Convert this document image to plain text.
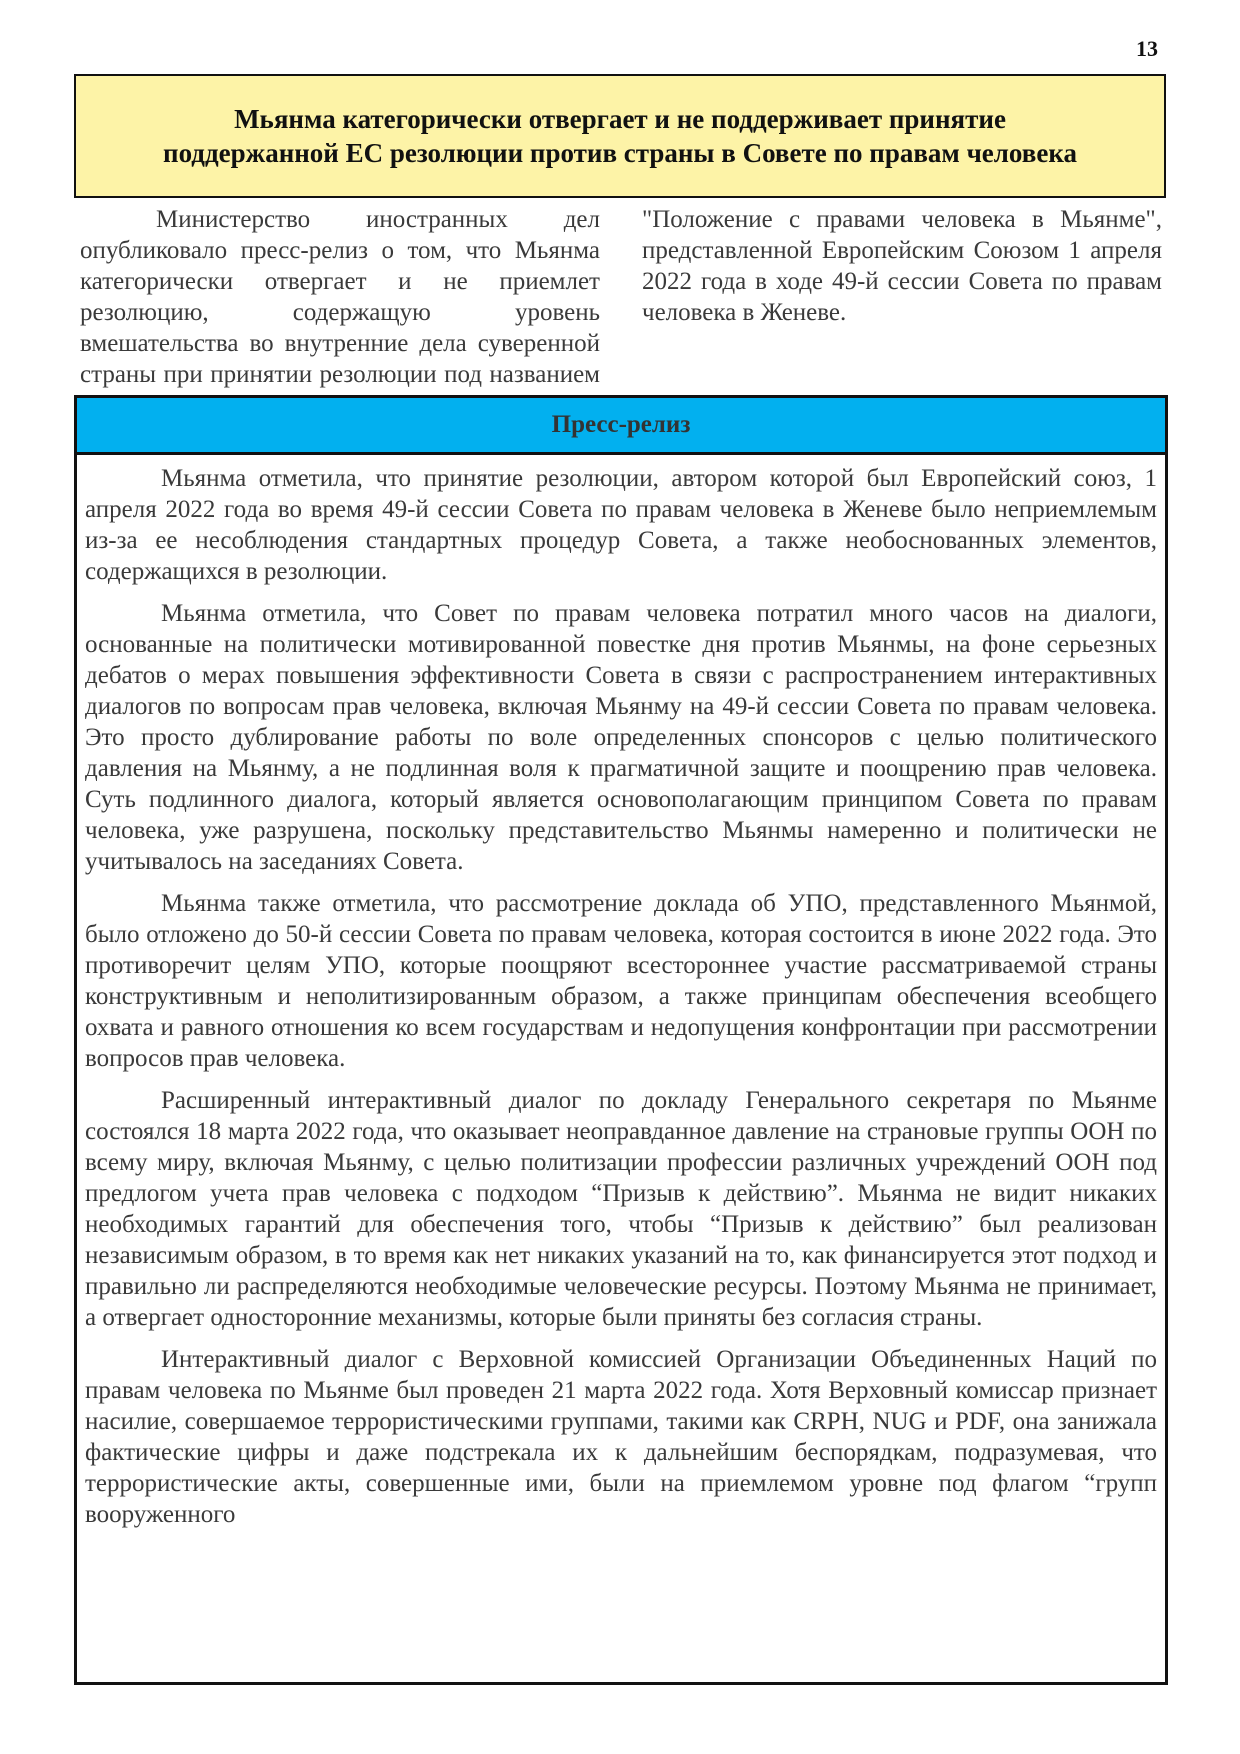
13
Мьянма категорически отвергает и не поддерживает принятие
поддержанной ЕС резолюции против страны в Совете по правам человека

Министерство иностранных дел опубликовало пресс-релиз о том, что Мьянма категорически отвергает и не приемлет резолюцию, содержащую уровень вмешательства во внутренние дела суверенной страны при принятии резолюции под названием "Положение с правами человека в Мьянме", представленной Европейским Союзом 1 апреля 2022 года в ходе 49-й сессии Совета по правам человека в Женеве.

Пресс-релиз

Мьянма отметила, что принятие резолюции, автором которой был Европейский союз, 1 апреля 2022 года во время 49-й сессии Совета по правам человека в Женеве было неприемлемым из-за ее несоблюдения стандартных процедур Совета, а также необоснованных элементов, содержащихся в резолюции.

Мьянма отметила, что Совет по правам человека потратил много часов на диалоги, основанные на политически мотивированной повестке дня против Мьянмы, на фоне серьезных дебатов о мерах повышения эффективности Совета в связи с распространением интерактивных диалогов по вопросам прав человека, включая Мьянму на 49-й сессии Совета по правам человека. Это просто дублирование работы по воле определенных спонсоров с целью политического давления на Мьянму, а не подлинная воля к прагматичной защите и поощрению прав человека. Суть подлинного диалога, который является основополагающим принципом Совета по правам человека, уже разрушена, поскольку представительство Мьянмы намеренно и политически не учитывалось на заседаниях Совета.

Мьянма также отметила, что рассмотрение доклада об УПО, представленного Мьянмой, было отложено до 50-й сессии Совета по правам человека, которая состоится в июне 2022 года. Это противоречит целям УПО, которые поощряют всестороннее участие рассматриваемой страны конструктивным и неполитизированным образом, а также принципам обеспечения всеобщего охвата и равного отношения ко всем государствам и недопущения конфронтации при рассмотрении вопросов прав человека.

Расширенный интерактивный диалог по докладу Генерального секретаря по Мьянме состоялся 18 марта 2022 года, что оказывает неоправданное давление на страновые группы ООН по всему миру, включая Мьянму, с целью политизации профессии различных учреждений ООН под предлогом учета прав человека с подходом “Призыв к действию”. Мьянма не видит никаких необходимых гарантий для обеспечения того, чтобы “Призыв к действию” был реализован независимым образом, в то время как нет никаких указаний на то, как финансируется этот подход и правильно ли распределяются необходимые человеческие ресурсы. Поэтому Мьянма не принимает, а отвергает односторонние механизмы, которые были приняты без согласия страны.

Интерактивный диалог с Верховной комиссией Организации Объединенных Наций по правам человека по Мьянме был проведен 21 марта 2022 года. Хотя Верховный комиссар признает насилие, совершаемое террористическими группами, такими как CRPH, NUG и PDF, она занижала фактические цифры и даже подстрекала их к дальнейшим беспорядкам, подразумевая, что террористические акты, совершенные ими, были на приемлемом уровне под флагом “групп вооруженного
